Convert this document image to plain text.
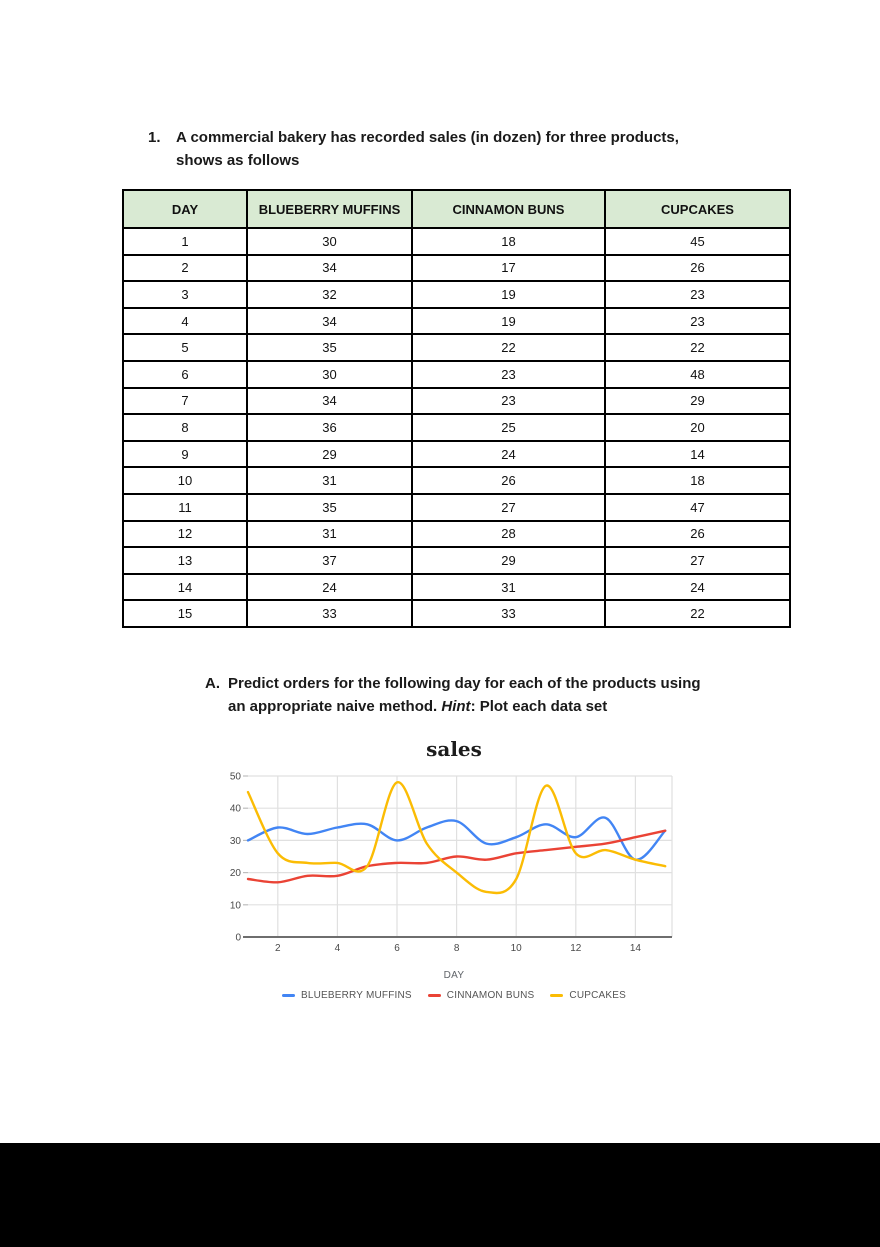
1. A commercial bakery has recorded sales (in dozen) for three products,
shows as follows
DAY	BLUEBERRY MUFFINS	CINNAMON BUNS	CUPCAKES
1	30	18	45
2	34	17	26
3	32	19	23
4	34	19	23
5	35	22	22
6	30	23	48
7	34	23	29
8	36	25	20
9	29	24	14
10	31	26	18
11	35	27	47
12	31	28	26
13	37	29	27
14	24	31	24
15	33	33	22
A. Predict orders for the following day for each of the products using
an appropriate naive method. Hint: Plot each data set
sales
0
10
20
30
40
50
2	4	6	8	10	12	14
DAY
BLUEBERRY MUFFINS	CINNAMON BUNS	CUPCAKES
